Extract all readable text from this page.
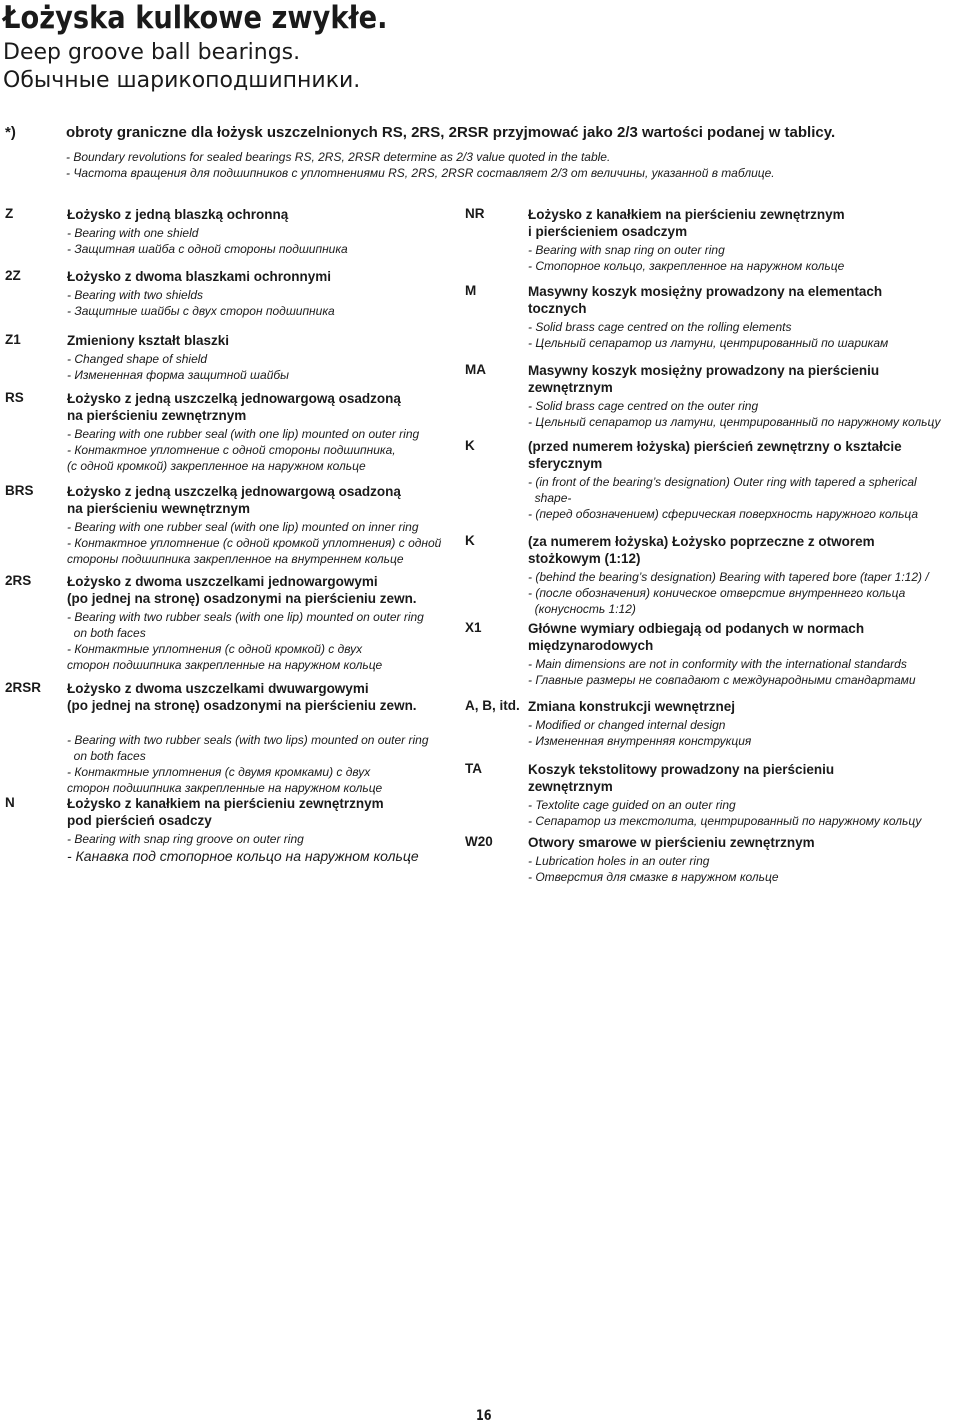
Łożyska kulkowe zwykłe.
Deep groove ball bearings.
Обычные шарикоподшипники.
*)	obroty graniczne dla łożysk uszczelnionych RS, 2RS, 2RSR przyjmować jako 2/3 wartości podanej w tablicy.
- Boundary revolutions for sealed bearings RS, 2RS, 2RSR determine as 2/3 value quoted in the table.
- Частота вращения для подшипников с уплотнениями RS, 2RS, 2RSR составляет 2/3 от величины, указанной в таблице.
Z	Łożysko z jedną blaszką ochronną
- Bearing with one shield
- Защитная шайба с одной стороны подшипника
2Z	Łożysko z dwoma blaszkami ochronnymi
- Bearing with two shields
- Защитные шайбы с двух сторон подшипника
Z1	Zmieniony kształt blaszki
- Changed shape of shield
- Измененная форма защитной шайбы
RS	Łożysko z jedną uszczelką jednowargową osadzoną
na pierścieniu zewnętrznym
- Bearing with one rubber seal (with one lip) mounted on outer ring
- Контактное уплотнение с одной стороны подшипника,
(с одной кромкой) закрепленное на наружном кольце
BRS Łożysko z jedną uszczelką jednowargową osadzoną
na pierścieniu wewnętrznym
- Bearing with one rubber seal (with one lip) mounted on inner ring
- Контактное уплотнение (с одной кромкой уплотнения) с одной
стороны подшипника закрепленное на внутреннем кольце
2RS	Łożysko z dwoma uszczelkami jednowargowymi
(po jednej na stronę) osadzonymi na pierścieniu zewn.
- Bearing with two rubber seals (with one lip) mounted on outer ring
on both faces
- Контактные уплотнения (с одной кромкой) с двух
сторон подшипника закрепленные на наружном кольце
2RSR Łożysko z dwoma uszczelkami dwuwargowymi
(po jednej na stronę) osadzonymi na pierścieniu zewn.

- Bearing with two rubber seals (with two lips) mounted on outer ring
on both faces
- Контактные уплотнения (с двумя кромками) с двух
сторон подшипника закрепленные на наружном кольце
N	Łożysko z kanałkiem na pierścieniu zewnętrznym
pod pierścień osadczy
- Bearing with snap ring groove on outer ring
- Канавка под стопорное кольцо на наружном кольце
NR	Łożysko z kanałkiem na pierścieniu zewnętrznym
i pierścieniem osadczym
- Bearing with snap ring on outer ring
- Стопорное кольцо, закрепленное на наружном кольце
M	Masywny koszyk mosiężny prowadzony na elementach
tocznych
- Solid brass cage centred on the rolling elements
- Цельный сепаратор из латуни, центрированный по шарикам
MA	Masywny koszyk mosiężny prowadzony na pierścieniu
zewnętrznym
- Solid brass cage centred on the outer ring
- Цельный сепаратор из латуни, центрированный по наружному кольцу
K	(przed numerem łożyska) pierścień zewnętrzny o kształcie
sferycznym
- (in front of the bearing’s designation) Outer ring with tapered a spherical
shape-
- (перед обозначением) сферическая поверхность наружного кольца
K	(za numerem łożyska) Łożysko poprzeczne z otworem
stożkowym (1:12)
- (behind the bearing’s designation) Bearing with tapered bore (taper 1:12) /
- (после обозначения) коническое отверстие внутреннего кольца
(конусность 1:12)
X1	Główne wymiary odbiegają od podanych w normach
międzynarodowych
- Main dimensions are not in conformity with the international standards
- Главные размеры не совпадают с международными стандартами
A, B, itd. Zmiana konstrukcji wewnętrznej
- Modified or changed internal design
- Измененная внутренняя конструкция
TA	Koszyk tekstolitowy prowadzony na pierścieniu
zewnętrznym
- Textolite cage guided on an outer ring
- Сепаратор из текстолита, центрированный по наружному кольцу
W20	Otwory smarowe w pierścieniu zewnętrznym
- Lubrication holes in an outer ring
- Отверстия для смазке в наружном кольце
16
